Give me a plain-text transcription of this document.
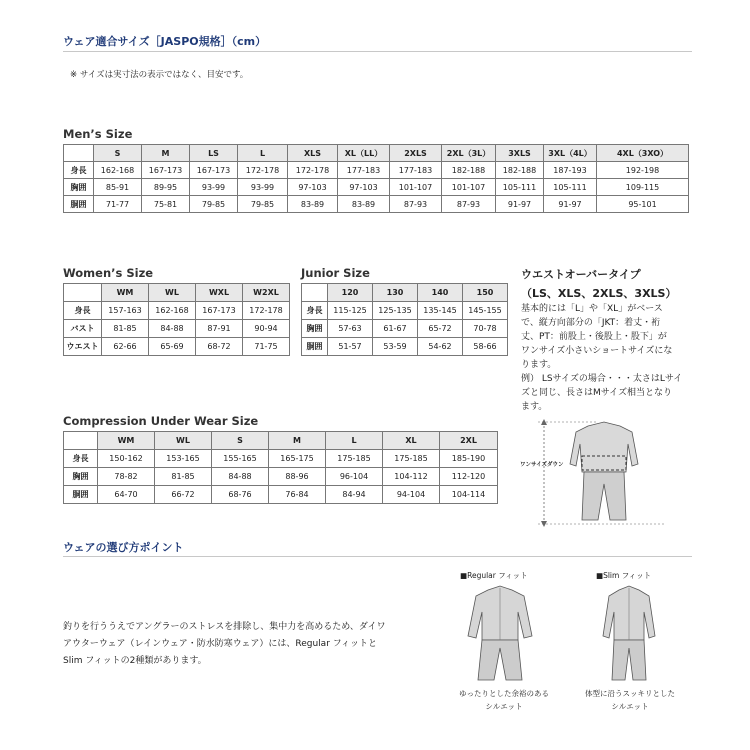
ウェア適合サイズ［JASPO規格］（cm）
※ サイズは実寸法の表示ではなく、目安です。
Men’s Size
	S	M	LS	L	XLS	XL（LL）	2XLS	2XL（3L）	3XLS	3XL（4L）	4XL（3XO）
身長	162-168	167-173	167-173	172-178	172-178	177-183	177-183	182-188	182-188	187-193	192-198
胸囲	85-91	89-95	93-99	93-99	97-103	97-103	101-107	101-107	105-111	105-111	109-115
胴囲	71-77	75-81	79-85	79-85	83-89	83-89	87-93	87-93	91-97	91-97	95-101
Women’s Size
	WM	WL	WXL	W2XL
身長	157-163	162-168	167-173	172-178
バスト	81-85	84-88	87-91	90-94
ウエスト	62-66	65-69	68-72	71-75
Junior Size
	120	130	140	150
身長	115-125	125-135	135-145	145-155
胸囲	57-63	61-67	65-72	70-78
胴囲	51-57	53-59	54-62	58-66
ウエストオーバータイプ
（LS、XLS、2XLS、3XLS）
基本的には「L」や「XL」がベース
で、縦方向部分の「JKT：着丈・裄
丈、PT：前股上・後股上・股下」が
ワンサイズ小さいショートサイズにな
ります。
例） LSサイズの場合・・・太さはLサイ
ズと同じ、長さはMサイズ相当となり
ます。
ワンサイズダウン
Compression Under Wear Size
	WM	WL	S	M	L	XL	2XL
身長	150-162	153-165	155-165	165-175	175-185	175-185	185-190
胸囲	78-82	81-85	84-88	88-96	96-104	104-112	112-120
胴囲	64-70	66-72	68-76	76-84	84-94	94-104	104-114
ウェアの選び方ポイント
釣りを行ううえでアングラーのストレスを排除し、集中力を高めるため、ダイワ
アウターウェア（レインウェア・防水防寒ウェア）には、Regular フィットと
Slim フィットの2種類があります。
■Regular フィット
ゆったりとした余裕のある
シルエット
■Slim フィット
体型に沿うスッキリとした
シルエット
